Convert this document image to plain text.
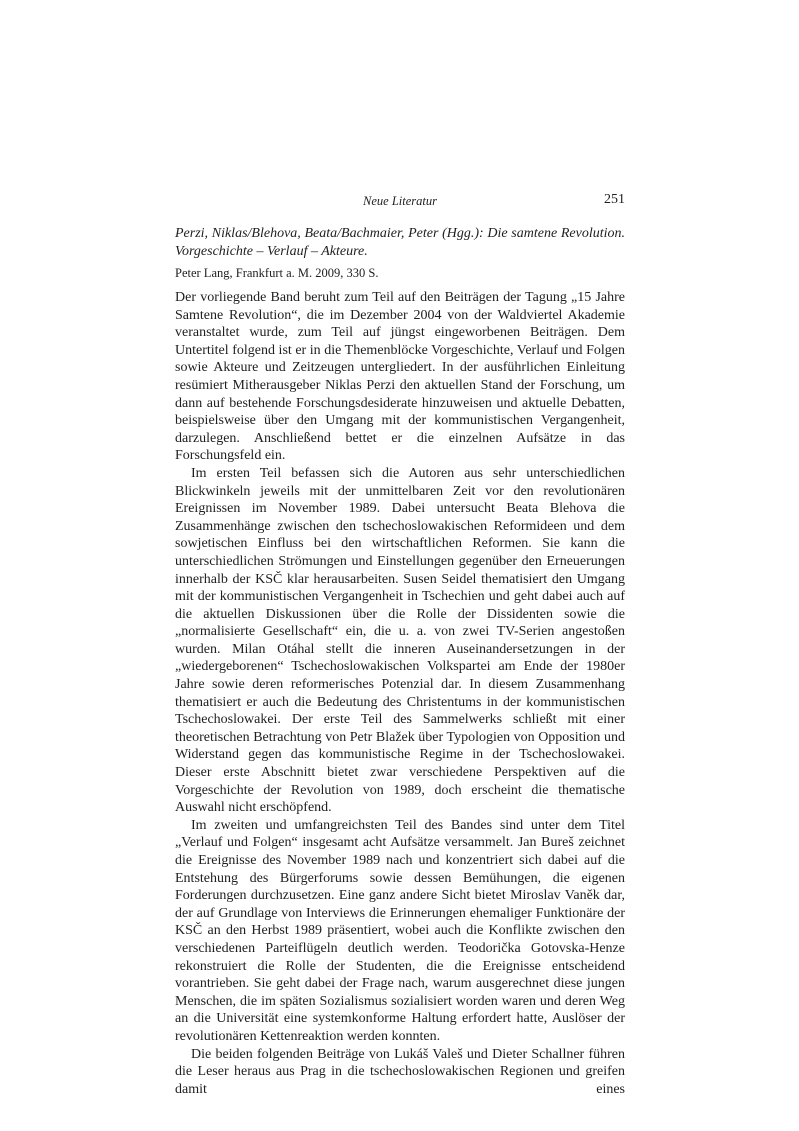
Neue Literatur	251
Perzi, Niklas/Blehova, Beata/Bachmaier, Peter (Hgg.): Die samtene Revolution. Vorgeschichte – Verlauf – Akteure.
Peter Lang, Frankfurt a. M. 2009, 330 S.

Der vorliegende Band beruht zum Teil auf den Beiträgen der Tagung „15 Jahre Samtene Revolution“, die im Dezember 2004 von der Waldviertel Akademie veranstaltet wurde, zum Teil auf jüngst eingeworbenen Beiträgen. Dem Untertitel folgend ist er in die Themenblöcke Vorgeschichte, Verlauf und Folgen sowie Akteure und Zeitzeugen untergliedert. In der ausführlichen Einleitung resümiert Mitherausgeber Niklas Perzi den aktuellen Stand der Forschung, um dann auf bestehende Forschungsdesiderate hinzuweisen und aktuelle Debatten, beispielsweise über den Umgang mit der kommunistischen Vergangenheit, darzulegen. Anschließend bettet er die einzelnen Aufsätze in das Forschungsfeld ein.

Im ersten Teil befassen sich die Autoren aus sehr unterschiedlichen Blickwinkeln jeweils mit der unmittelbaren Zeit vor den revolutionären Ereignissen im November 1989. Dabei untersucht Beata Blehova die Zusammenhänge zwischen den tschechoslowakischen Reformideen und dem sowjetischen Einfluss bei den wirtschaftlichen Reformen. Sie kann die unterschiedlichen Strömungen und Einstellungen gegenüber den Erneuerungen innerhalb der KSČ klar herausarbeiten. Susen Seidel thematisiert den Umgang mit der kommunistischen Vergangenheit in Tschechien und geht dabei auch auf die aktuellen Diskussionen über die Rolle der Dissidenten sowie die „normalisierte Gesellschaft“ ein, die u. a. von zwei TV-Serien angestoßen wurden. Milan Otáhal stellt die inneren Auseinandersetzungen in der „wiedergeborenen“ Tschechoslowakischen Volkspartei am Ende der 1980er Jahre sowie deren reformerisches Potenzial dar. In diesem Zusammenhang thematisiert er auch die Bedeutung des Christentums in der kommunistischen Tschechoslowakei. Der erste Teil des Sammelwerks schließt mit einer theoretischen Betrachtung von Petr Blažek über Typologien von Opposition und Widerstand gegen das kommunistische Regime in der Tschechoslowakei. Dieser erste Abschnitt bietet zwar verschiedene Perspektiven auf die Vorgeschichte der Revolution von 1989, doch erscheint die thematische Auswahl nicht erschöpfend.

Im zweiten und umfangreichsten Teil des Bandes sind unter dem Titel „Verlauf und Folgen“ insgesamt acht Aufsätze versammelt. Jan Bureš zeichnet die Ereignisse des November 1989 nach und konzentriert sich dabei auf die Entstehung des Bürgerforums sowie dessen Bemühungen, die eigenen Forderungen durchzusetzen. Eine ganz andere Sicht bietet Miroslav Vaněk dar, der auf Grundlage von Interviews die Erinnerungen ehemaliger Funktionäre der KSČ an den Herbst 1989 präsentiert, wobei auch die Konflikte zwischen den verschiedenen Parteiflügeln deutlich werden. Teodorička Gotovska-Henze rekonstruiert die Rolle der Studenten, die die Ereignisse entscheidend vorantrieben. Sie geht dabei der Frage nach, warum ausgerechnet diese jungen Menschen, die im späten Sozialismus sozialisiert worden waren und deren Weg an die Universität eine systemkonforme Haltung erfordert hatte, Auslöser der revolutionären Kettenreaktion werden konnten.

Die beiden folgenden Beiträge von Lukáš Valeš und Dieter Schallner führen die Leser heraus aus Prag in die tschechoslowakischen Regionen und greifen damit eines
